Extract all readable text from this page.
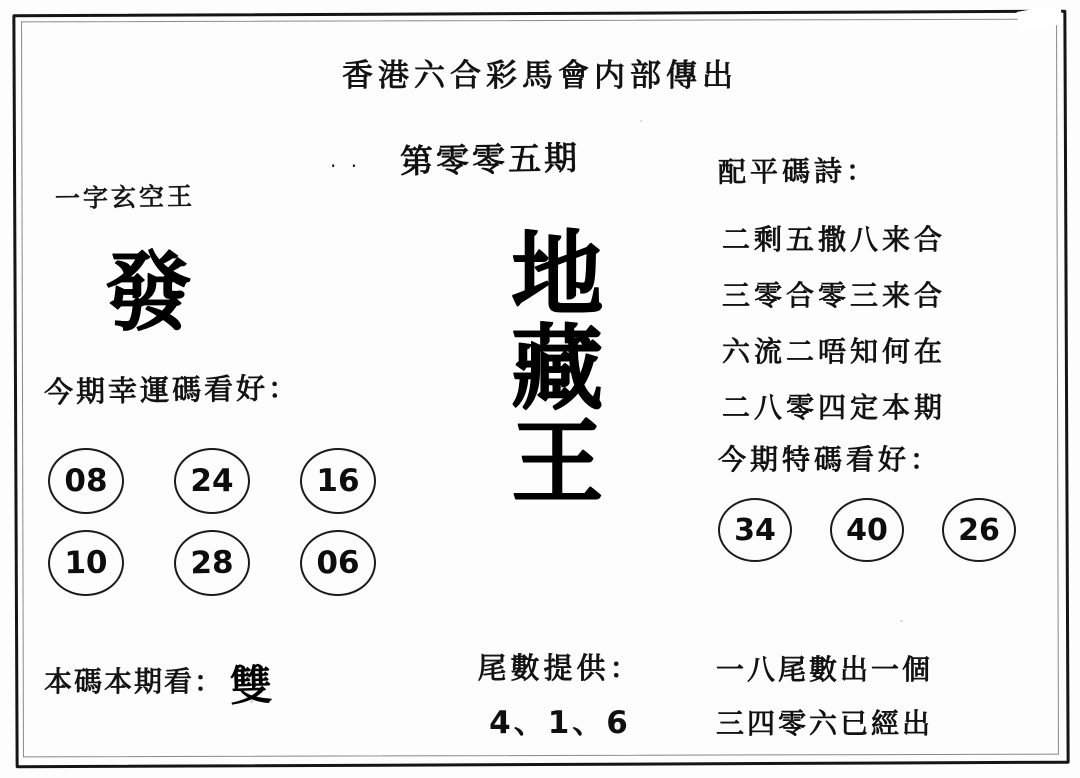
香港六合彩馬會内部傳出
. . 第零零五期
一字玄空王
發
今期幸運碼看好：
08	24	16
10	28	06
本碼本期看： 雙
地
藏
王
尾數提供：
4、1、6
配平碼詩：
二剩五撒八来合
三零合零三来合
六流二唔知何在
二八零四定本期
今期特碼看好：
34	40	26
一八尾數出一個
三四零六已經出
